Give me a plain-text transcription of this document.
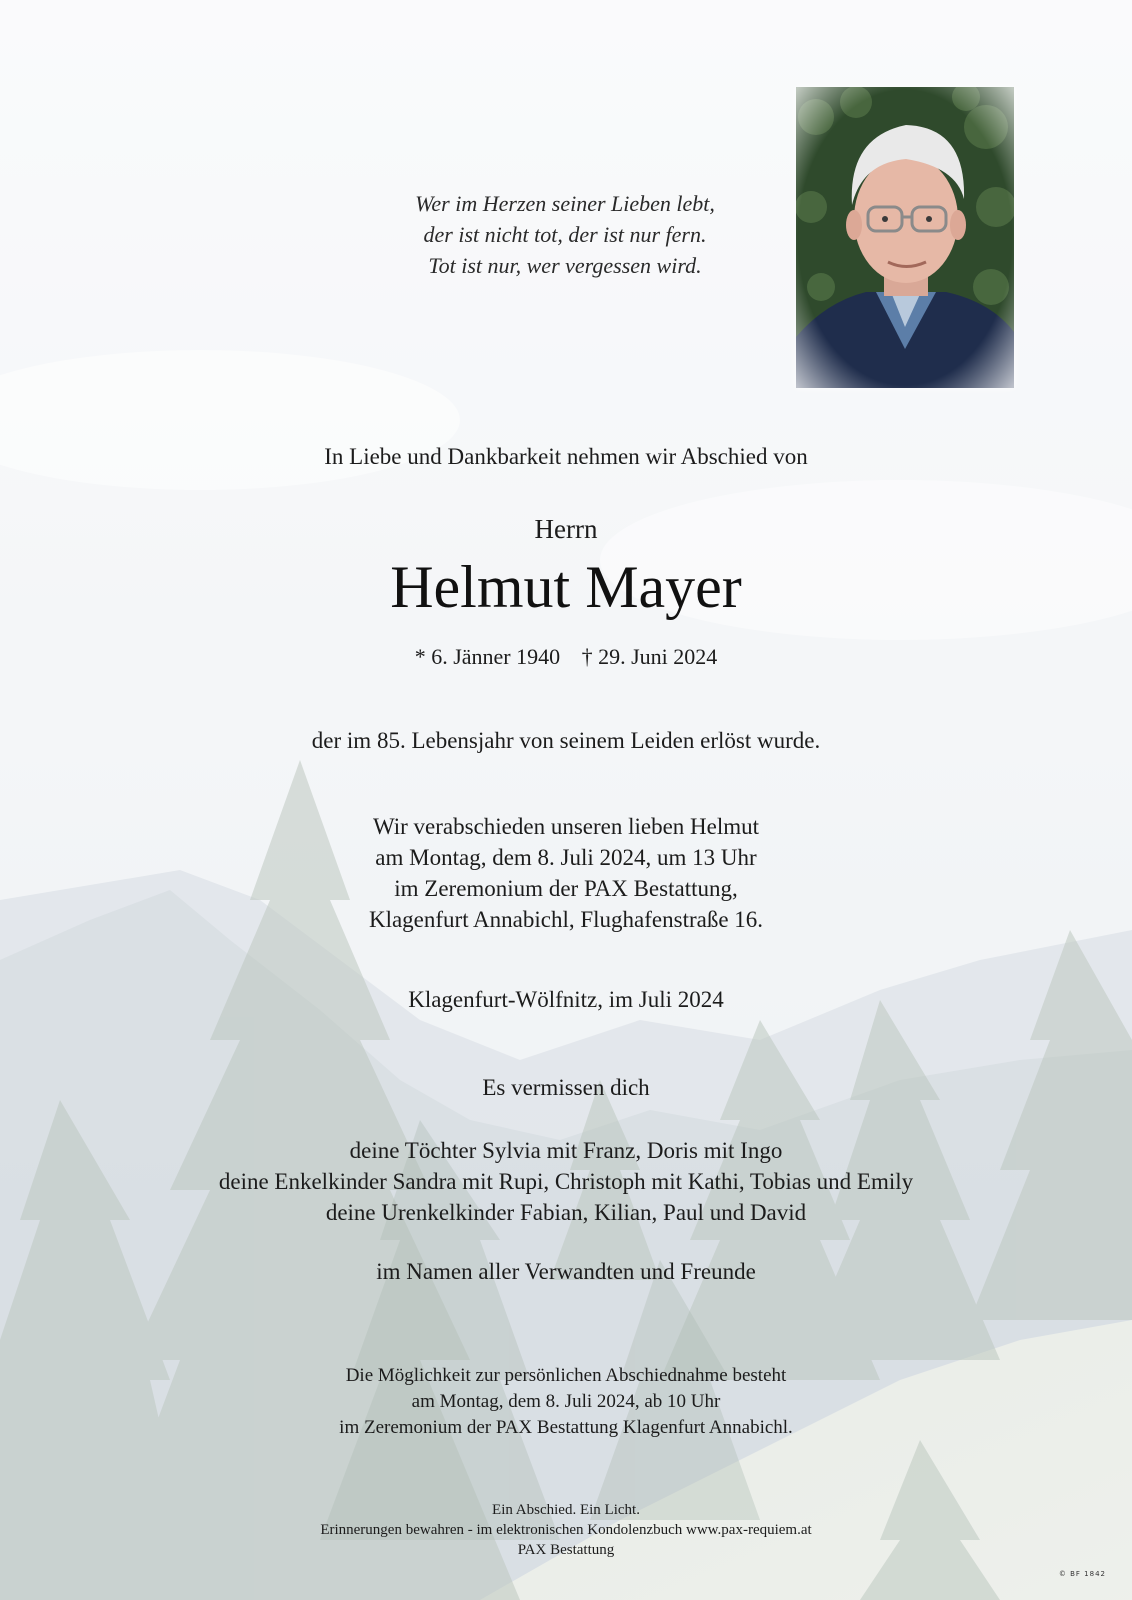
Wer im Herzen seiner Lieben lebt,
der ist nicht tot, der ist nur fern.
Tot ist nur, wer vergessen wird.
In Liebe und Dankbarkeit nehmen wir Abschied von
Herrn
Helmut Mayer
* 6. Jänner 1940 † 29. Juni 2024
der im 85. Lebensjahr von seinem Leiden erlöst wurde.
Wir verabschieden unseren lieben Helmut
am Montag, dem 8. Juli 2024, um 13 Uhr
im Zeremonium der PAX Bestattung,
Klagenfurt Annabichl, Flughafenstraße 16.
Klagenfurt-Wölfnitz, im Juli 2024
Es vermissen dich
deine Töchter Sylvia mit Franz, Doris mit Ingo
deine Enkelkinder Sandra mit Rupi, Christoph mit Kathi, Tobias und Emily
deine Urenkelkinder Fabian, Kilian, Paul und David
im Namen aller Verwandten und Freunde
Die Möglichkeit zur persönlichen Abschiednahme besteht
am Montag, dem 8. Juli 2024, ab 10 Uhr
im Zeremonium der PAX Bestattung Klagenfurt Annabichl.
Ein Abschied. Ein Licht.
Erinnerungen bewahren - im elektronischen Kondolenzbuch www.pax-requiem.at
PAX Bestattung
© BF 1842
